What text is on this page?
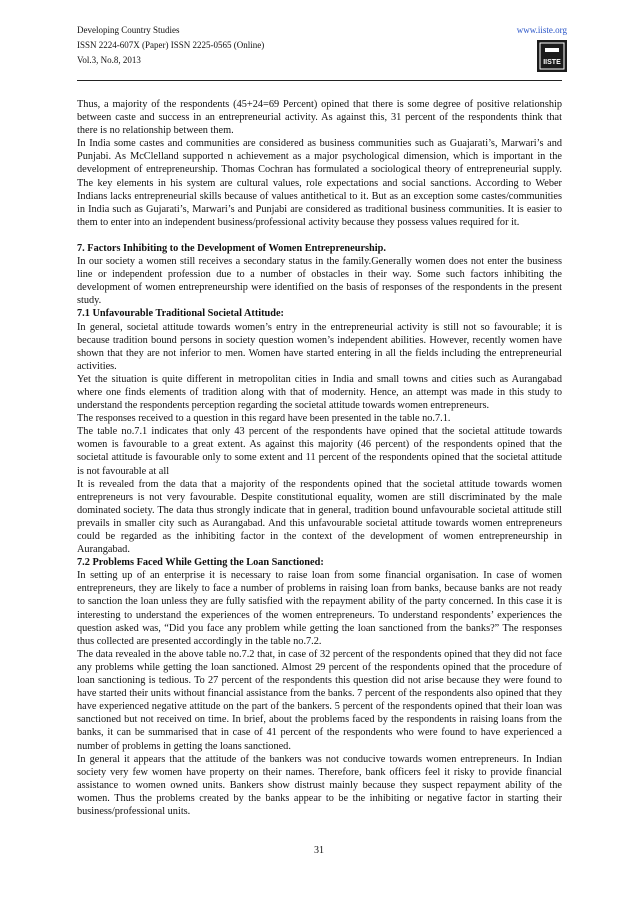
Developing Country Studies
ISSN 2224-607X (Paper) ISSN 2225-0565 (Online)
Vol.3, No.8, 2013
www.iiste.org
IISTE

Thus, a majority of the respondents (45+24=69 Percent) opined that there is some degree of positive relationship between caste and success in an entrepreneurial activity. As against this, 31 percent of the respondents think that there is no relationship between them.

In India some castes and communities are considered as business communities such as Guajarati’s, Marwari’s and Punjabi. As McClelland supported n achievement as a major psychological dimension, which is important in the development of entrepreneurship. Thomas Cochran has formulated a sociological theory of entrepreneurial supply. The key elements in his system are cultural values, role expectations and social sanctions. According to Weber Indians lacks entrepreneurial skills because of values antithetical to it. But as an exception some castes/communities in India such as Gujarati’s, Marwari’s and Punjabi are considered as traditional business communities. It is easier to them to enter into an independent business/professional activity because they possess values required for it.

7. Factors Inhibiting to the Development of Women Entrepreneurship.

In our society a women still receives a secondary status in the family.Generally women does not enter the business line or independent profession due to a number of obstacles in their way. Some such factors inhibiting the development of women entrepreneurship were identified on the basis of responses of the respondents in the present study.

7.1 Unfavourable Traditional Societal Attitude:

In general, societal attitude towards women’s entry in the entrepreneurial activity is still not so favourable; it is because tradition bound persons in society question women’s independent abilities. However, recently women have shown that they are not inferior to men. Women have started entering in all the fields including the entrepreneurial activities.

Yet the situation is quite different in metropolitan cities in India and small towns and cities such as Aurangabad where one finds elements of tradition along with that of modernity. Hence, an attempt was made in this study to understand the respondents perception regarding the societal attitude towards women entrepreneurs.

The responses received to a question in this regard have been presented in the table no.7.1.

The table no.7.1 indicates that only 43 percent of the respondents have opined that the societal attitude towards women is favourable to a great extent. As against this majority (46 percent) of the respondents opined that the societal attitude is favourable only to some extent and 11 percent of the respondents opined that the societal attitude is not favourable at all

It is revealed from the data that a majority of the respondents opined that the societal attitude towards women entrepreneurs is not very favourable. Despite constitutional equality, women are still discriminated by the male dominated society. The data thus strongly indicate that in general, tradition bound unfavourable societal attitude still prevails in smaller city such as Aurangabad. And this unfavourable societal attitude towards women entrepreneurs could be regarded as the inhibiting factor in the context of the development of women entrepreneurship in Aurangabad.

7.2 Problems Faced While Getting the Loan Sanctioned:

In setting up of an enterprise it is necessary to raise loan from some financial organisation. In case of women entrepreneurs, they are likely to face a number of problems in raising loan from banks, because banks are not ready to sanction the loan unless they are fully satisfied with the repayment ability of the party concerned. In this case it is interesting to understand the experiences of the women entrepreneurs. To understand respondents’ experiences the question asked was, “Did you face any problem while getting the loan sanctioned from the banks?” The responses thus collected are presented accordingly in the table no.7.2.

The data revealed in the above table no.7.2 that, in case of 32 percent of the respondents opined that they did not face any problems while getting the loan sanctioned. Almost 29 percent of the respondents opined that the procedure of loan sanctioning is tedious. To 27 percent of the respondents this question did not arise because they were found to have started their units without financial assistance from the banks. 7 percent of the respondents also opined that they have experienced negative attitude on the part of the bankers. 5 percent of the respondents opined that their loan was sanctioned but not received on time. In brief, about the problems faced by the respondents in raising loans from the banks, it can be summarised that in case of 41 percent of the respondents who were found to have experienced a number of problems in getting the loans sanctioned.

In general it appears that the attitude of the bankers was not conducive towards women entrepreneurs. In Indian society very few women have property on their names. Therefore, bank officers feel it risky to provide financial assistance to women owned units. Bankers show distrust mainly because they suspect repayment ability of the women. Thus the problems created by the banks appear to be the inhibiting or negative factor in starting their business/professional units.

31
